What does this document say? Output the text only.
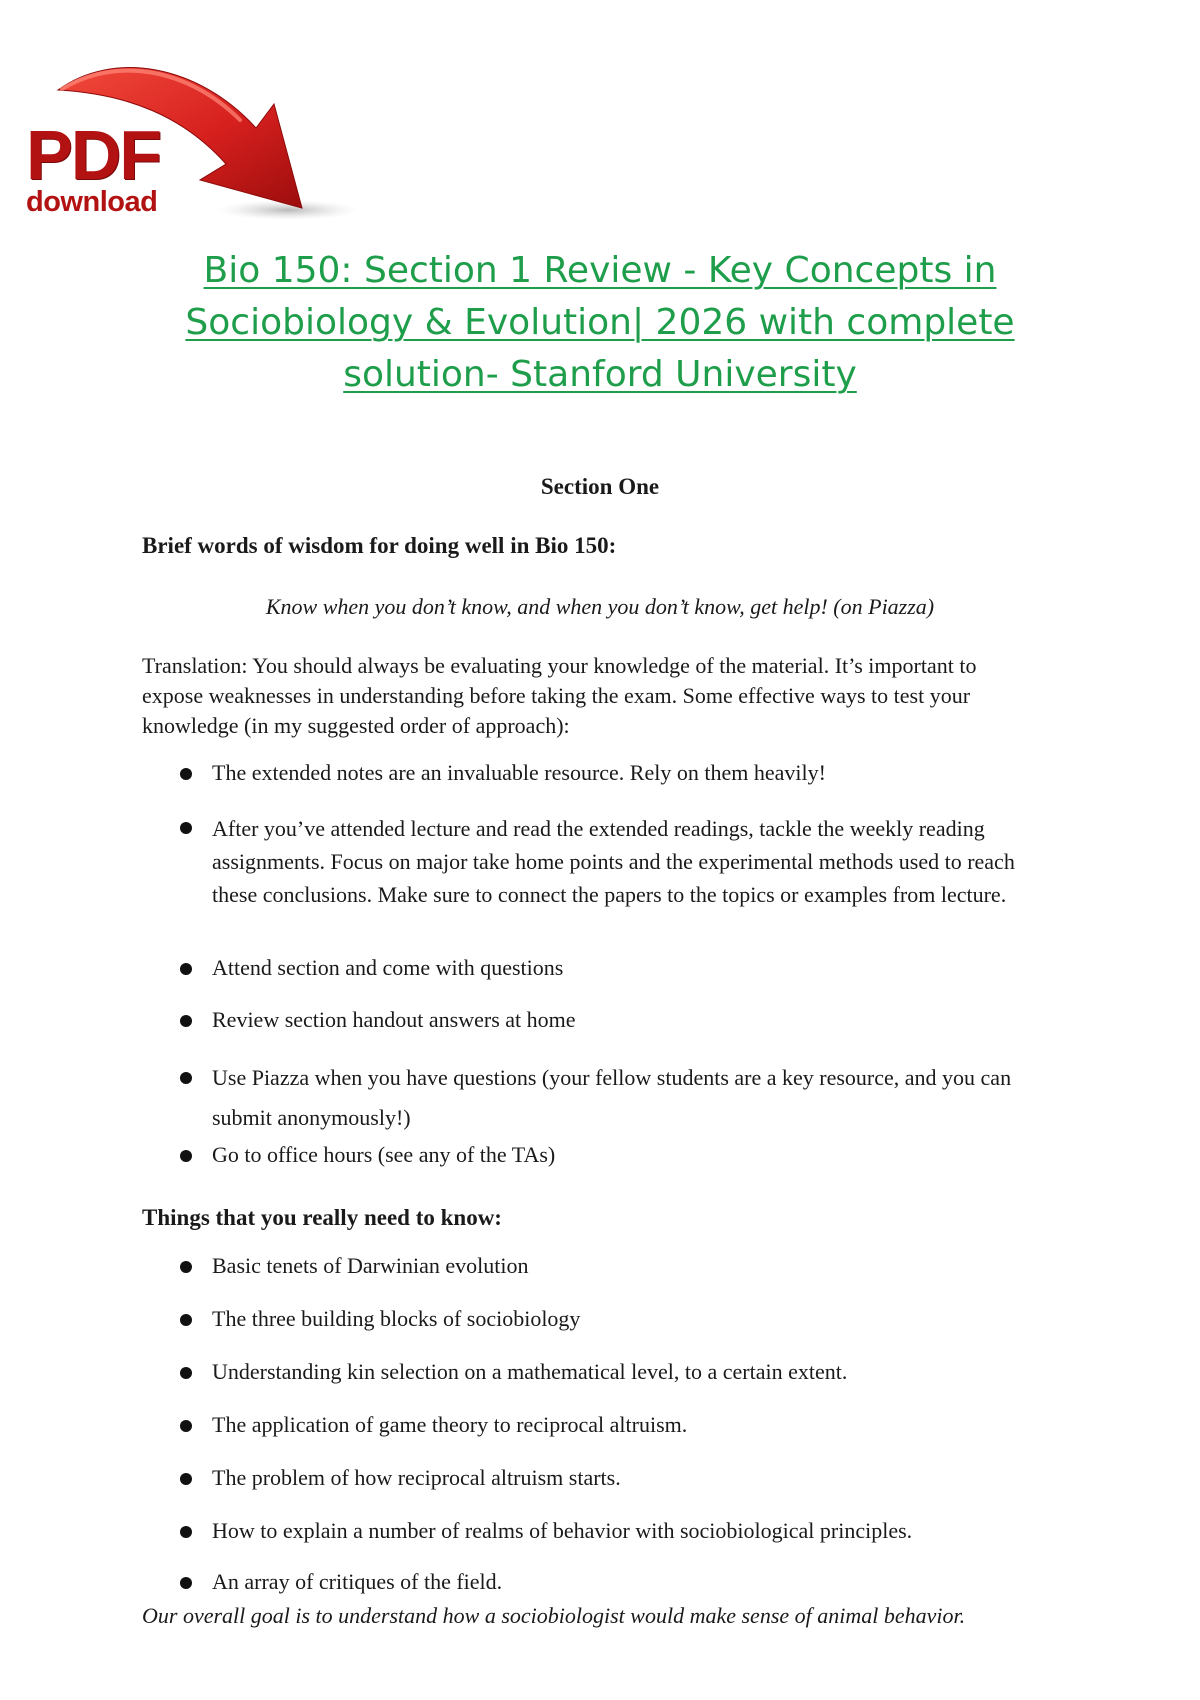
PDF
download
Bio 150: Section 1 Review - Key Concepts in Sociobiology & Evolution| 2026 with complete solution- Stanford University
Section One
Brief words of wisdom for doing well in Bio 150:
Know when you don’t know, and when you don’t know, get help! (on Piazza)

Translation: You should always be evaluating your knowledge of the material. It’s important to expose weaknesses in understanding before taking the exam. Some effective ways to test your knowledge (in my suggested order of approach):

The extended notes are an invaluable resource. Rely on them heavily!
After you’ve attended lecture and read the extended readings, tackle the weekly reading assignments. Focus on major take home points and the experimental methods used to reach these conclusions. Make sure to connect the papers to the topics or examples from lecture.
Attend section and come with questions
Review section handout answers at home
Use Piazza when you have questions (your fellow students are a key resource, and you can submit anonymously!)
Go to office hours (see any of the TAs)
Things that you really need to know:
Basic tenets of Darwinian evolution
The three building blocks of sociobiology
Understanding kin selection on a mathematical level, to a certain extent.
The application of game theory to reciprocal altruism.
The problem of how reciprocal altruism starts.
How to explain a number of realms of behavior with sociobiological principles.
An array of critiques of the field.
Our overall goal is to understand how a sociobiologist would make sense of animal behavior.
